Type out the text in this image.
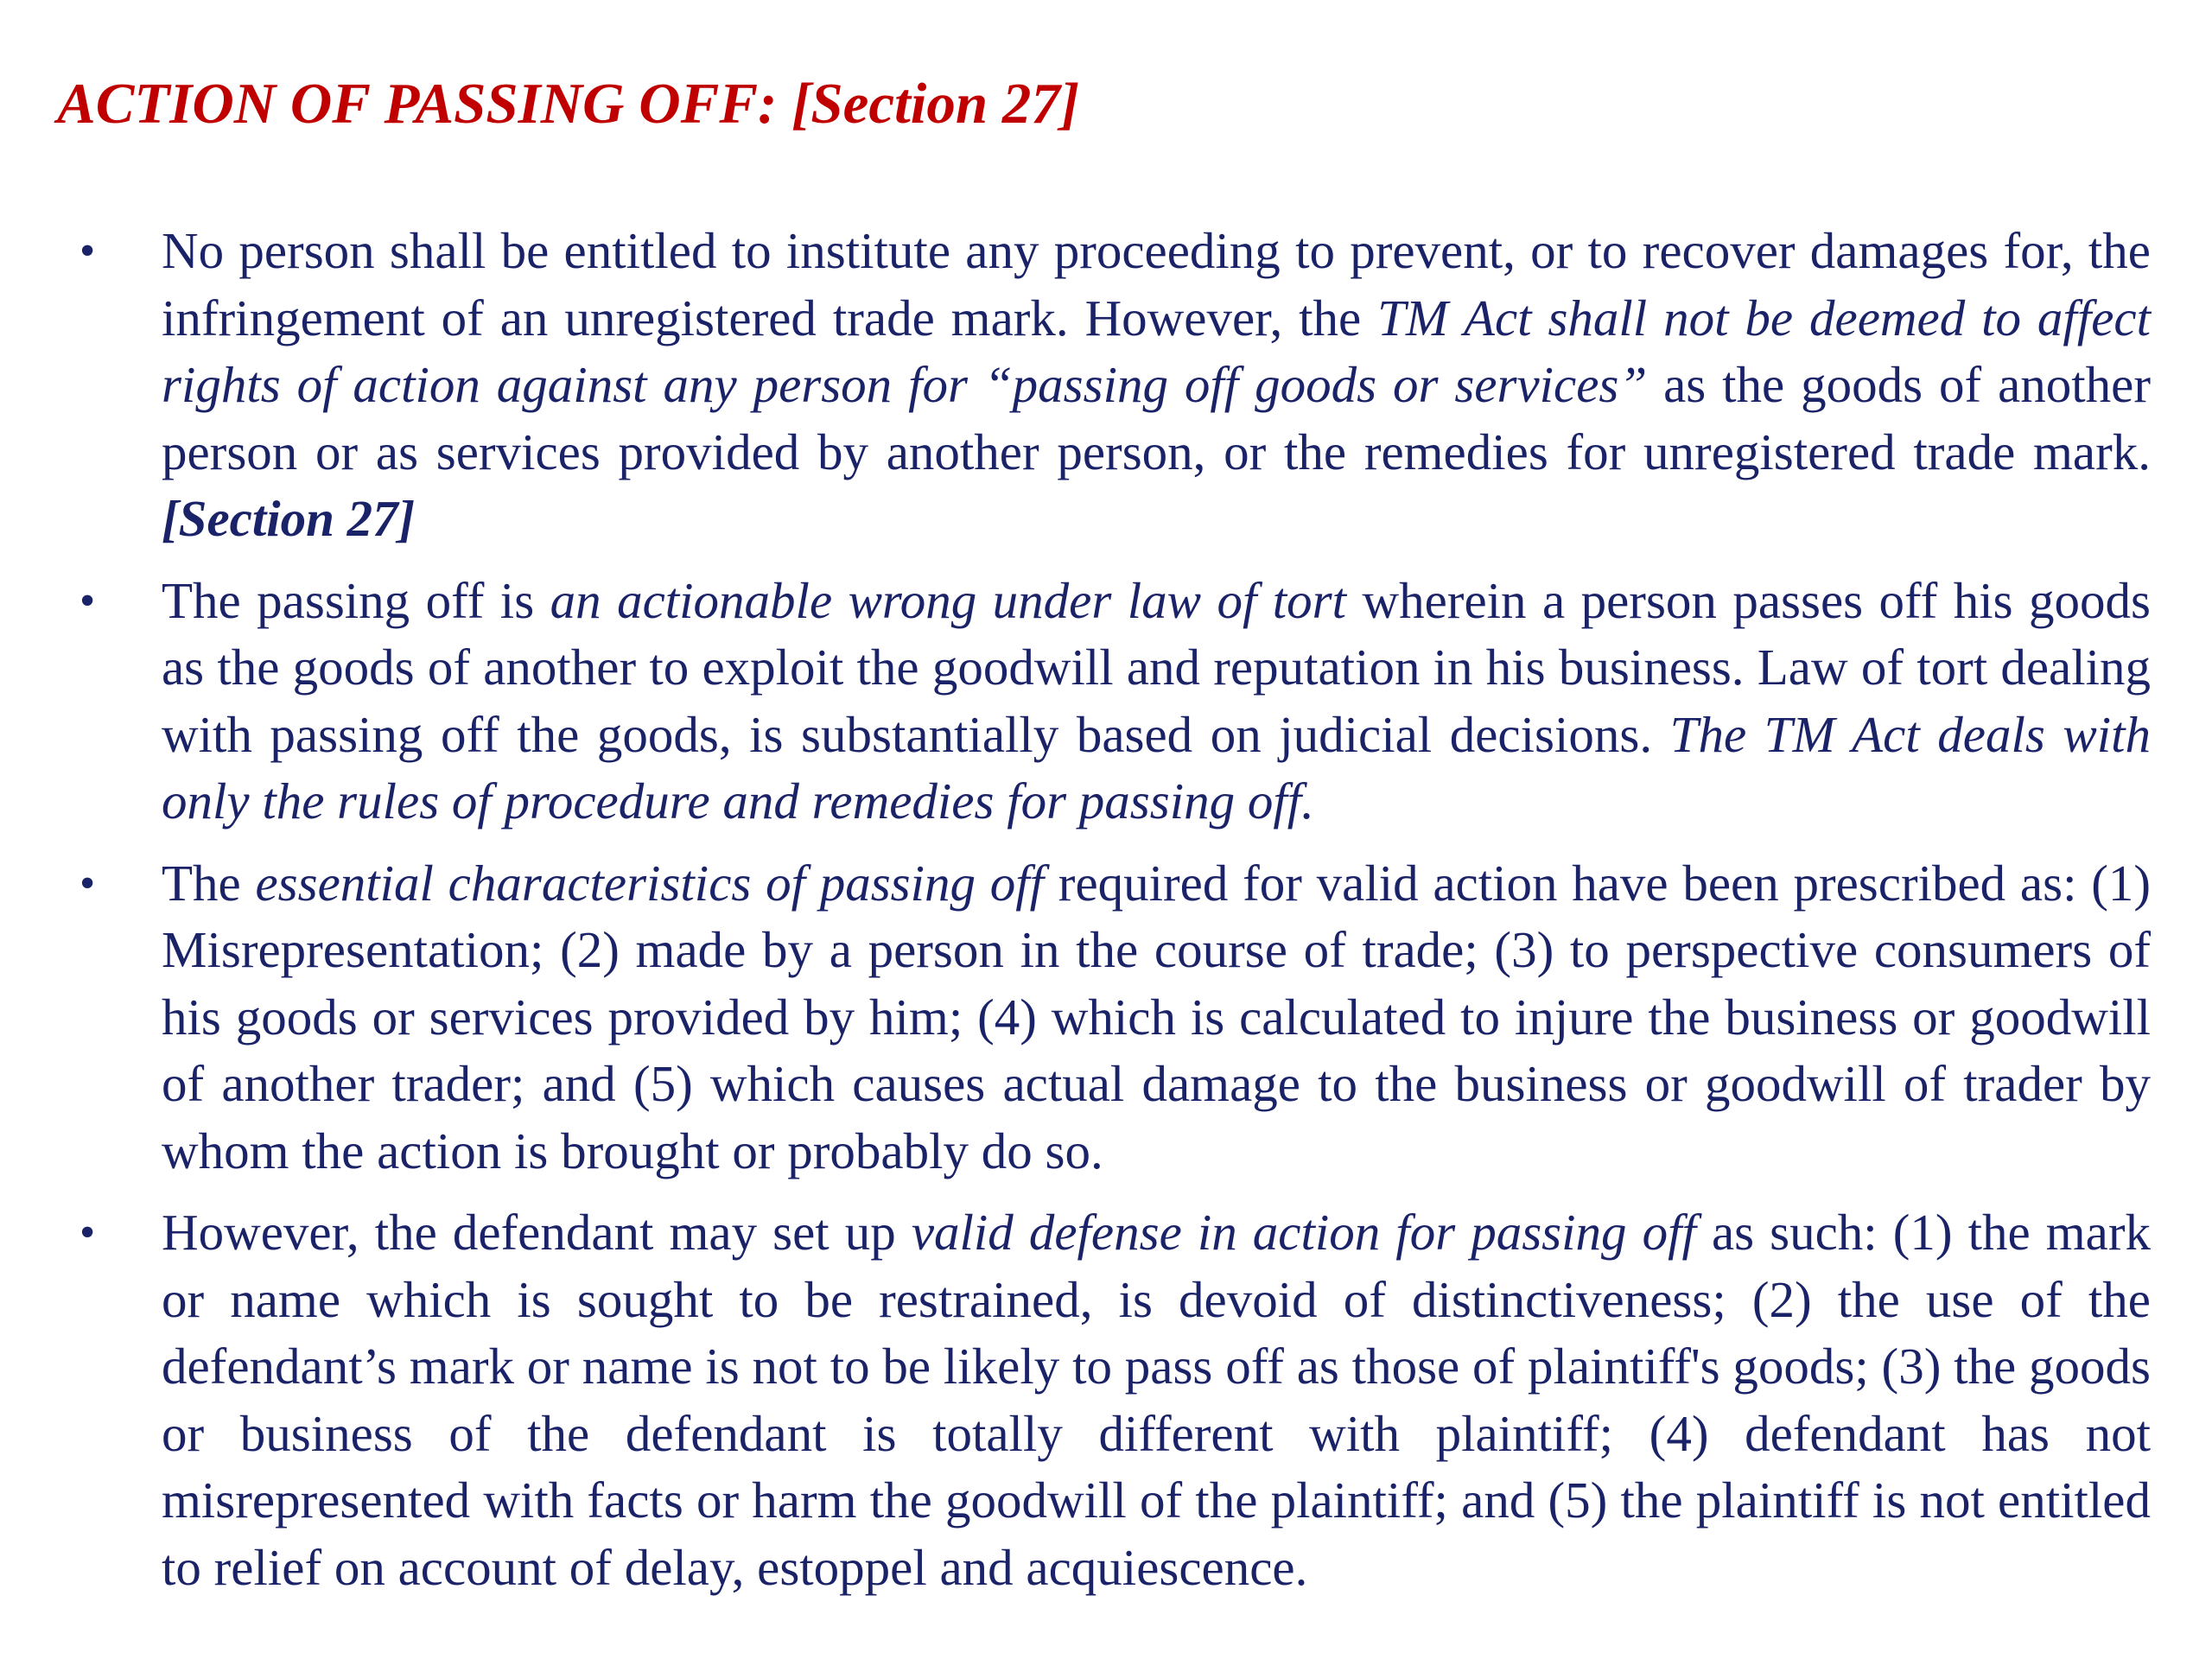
ACTION OF PASSING OFF: [Section 27]
• No person shall be entitled to institute any proceeding to prevent, or to recover damages for, the infringement of an unregistered trade mark. However, the TM Act shall not be deemed to affect rights of action against any person for “passing off goods or services” as the goods of another person or as services provided by another person, or the remedies for unregistered trade mark. [Section 27]

• The passing off is an actionable wrong under law of tort wherein a person passes off his goods as the goods of another to exploit the goodwill and reputation in his business. Law of tort dealing with passing off the goods, is substantially based on judicial decisions. The TM Act deals with only the rules of procedure and remedies for passing off.

• The essential characteristics of passing off required for valid action have been prescribed as: (1) Misrepresentation; (2) made by a person in the course of trade; (3) to perspective consumers of his goods or services provided by him; (4) which is calculated to injure the business or goodwill of another trader; and (5) which causes actual damage to the business or goodwill of trader by whom the action is brought or probably do so.

• However, the defendant may set up valid defense in action for passing off as such: (1) the mark or name which is sought to be restrained, is devoid of distinctiveness; (2) the use of the defendant’s mark or name is not to be likely to pass off as those of plaintiff's goods; (3) the goods or business of the defendant is totally different with plaintiff; (4) defendant has not misrepresented with facts or harm the goodwill of the plaintiff; and (5) the plaintiff is not entitled to relief on account of delay, estoppel and acquiescence.
